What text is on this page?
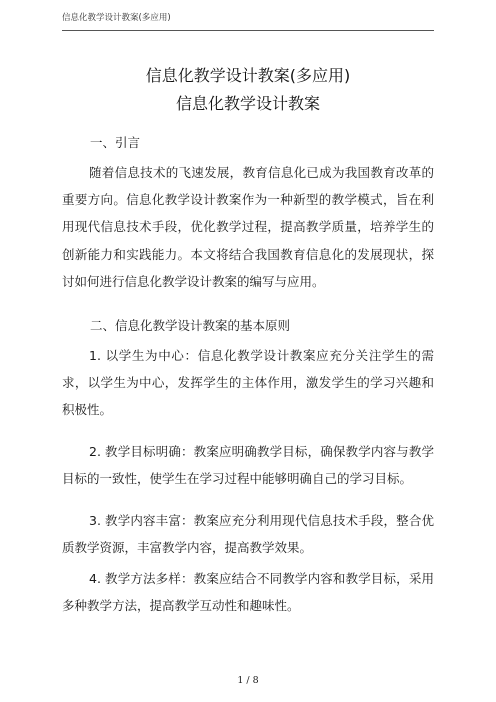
信息化教学设计教案(多应用)
信息化教学设计教案(多应用)
信息化教学设计教案
一、引言
随着信息技术的飞速发展，教育信息化已成为我国教育改革的重要方向。信息化教学设计教案作为一种新型的教学模式，旨在利用现代信息技术手段，优化教学过程，提高教学质量，培养学生的创新能力和实践能力。本文将结合我国教育信息化的发展现状，探讨如何进行信息化教学设计教案的编写与应用。
二、信息化教学设计教案的基本原则
1. 以学生为中心：信息化教学设计教案应充分关注学生的需求，以学生为中心，发挥学生的主体作用，激发学生的学习兴趣和积极性。
2. 教学目标明确：教案应明确教学目标，确保教学内容与教学目标的一致性，使学生在学习过程中能够明确自己的学习目标。
3. 教学内容丰富：教案应充分利用现代信息技术手段，整合优质教学资源，丰富教学内容，提高教学效果。
4. 教学方法多样：教案应结合不同教学内容和教学目标，采用多种教学方法，提高教学互动性和趣味性。
1 / 8
